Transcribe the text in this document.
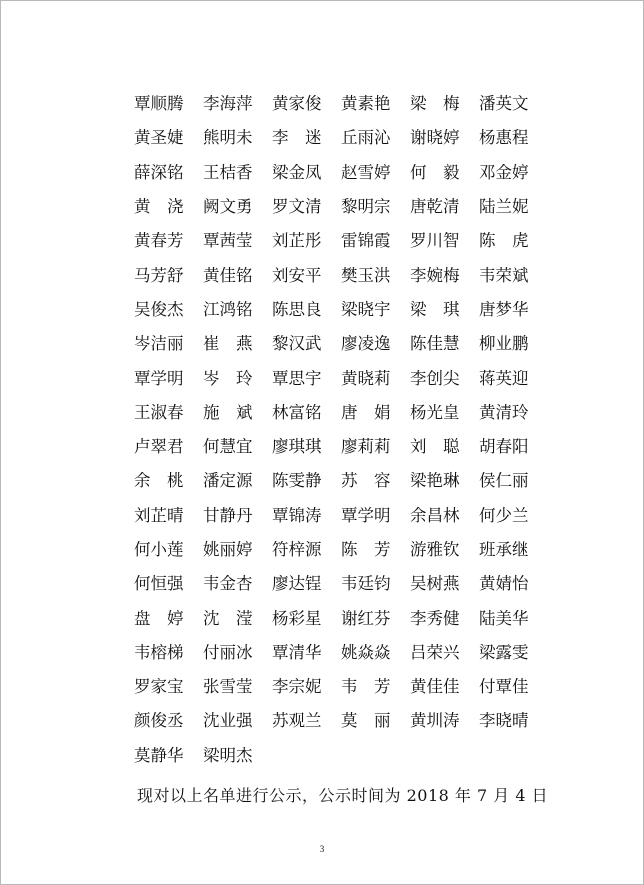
覃顺腾	李海萍	黄家俊	黄素艳	梁　梅	潘英文
黄圣婕	熊明未	李　迷	丘雨沁	谢晓婷	杨惠程
薛深铭	王桔香	梁金凤	赵雪婷	何　毅	邓金婷
黄　浇	阙文勇	罗文清	黎明宗	唐乾清	陆兰妮
黄春芳	覃茜莹	刘芷彤	雷锦霞	罗川智	陈　虎
马芳舒	黄佳铭	刘安平	樊玉洪	李婉梅	韦荣斌
吴俊杰	江鸿铭	陈思良	梁晓宇	梁　琪	唐梦华
岑洁丽	崔　燕	黎汉武	廖凌逸	陈佳慧	柳业鹏
覃学明	岑　玲	覃思宇	黄晓莉	李创尖	蒋英迎
王淑春	施　斌	林富铭	唐　娟	杨光皇	黄清玲
卢翠君	何慧宜	廖琪琪	廖莉莉	刘　聪	胡春阳
余　桃	潘定源	陈雯静	苏　容	梁艳琳	侯仁丽
刘芷晴	甘静丹	覃锦涛	覃学明	余昌林	何少兰
何小莲	姚丽婷	符梓源	陈　芳	游雅钦	班承继
何恒强	韦金杏	廖达锃	韦廷钧	吴树燕	黄婧怡
盘　婷	沈　滢	杨彩星	谢红芬	李秀健	陆美华
韦榕梯	付丽冰	覃清华	姚焱焱	吕荣兴	梁露雯
罗家宝	张雪莹	李宗妮	韦　芳	黄佳佳	付覃佳
颜俊丞	沈业强	苏观兰	莫　丽	黄圳涛	李晓晴
莫静华	梁明杰
现对以上名单进行公示，公示时间为 2018 年 7 月 4 日
3
